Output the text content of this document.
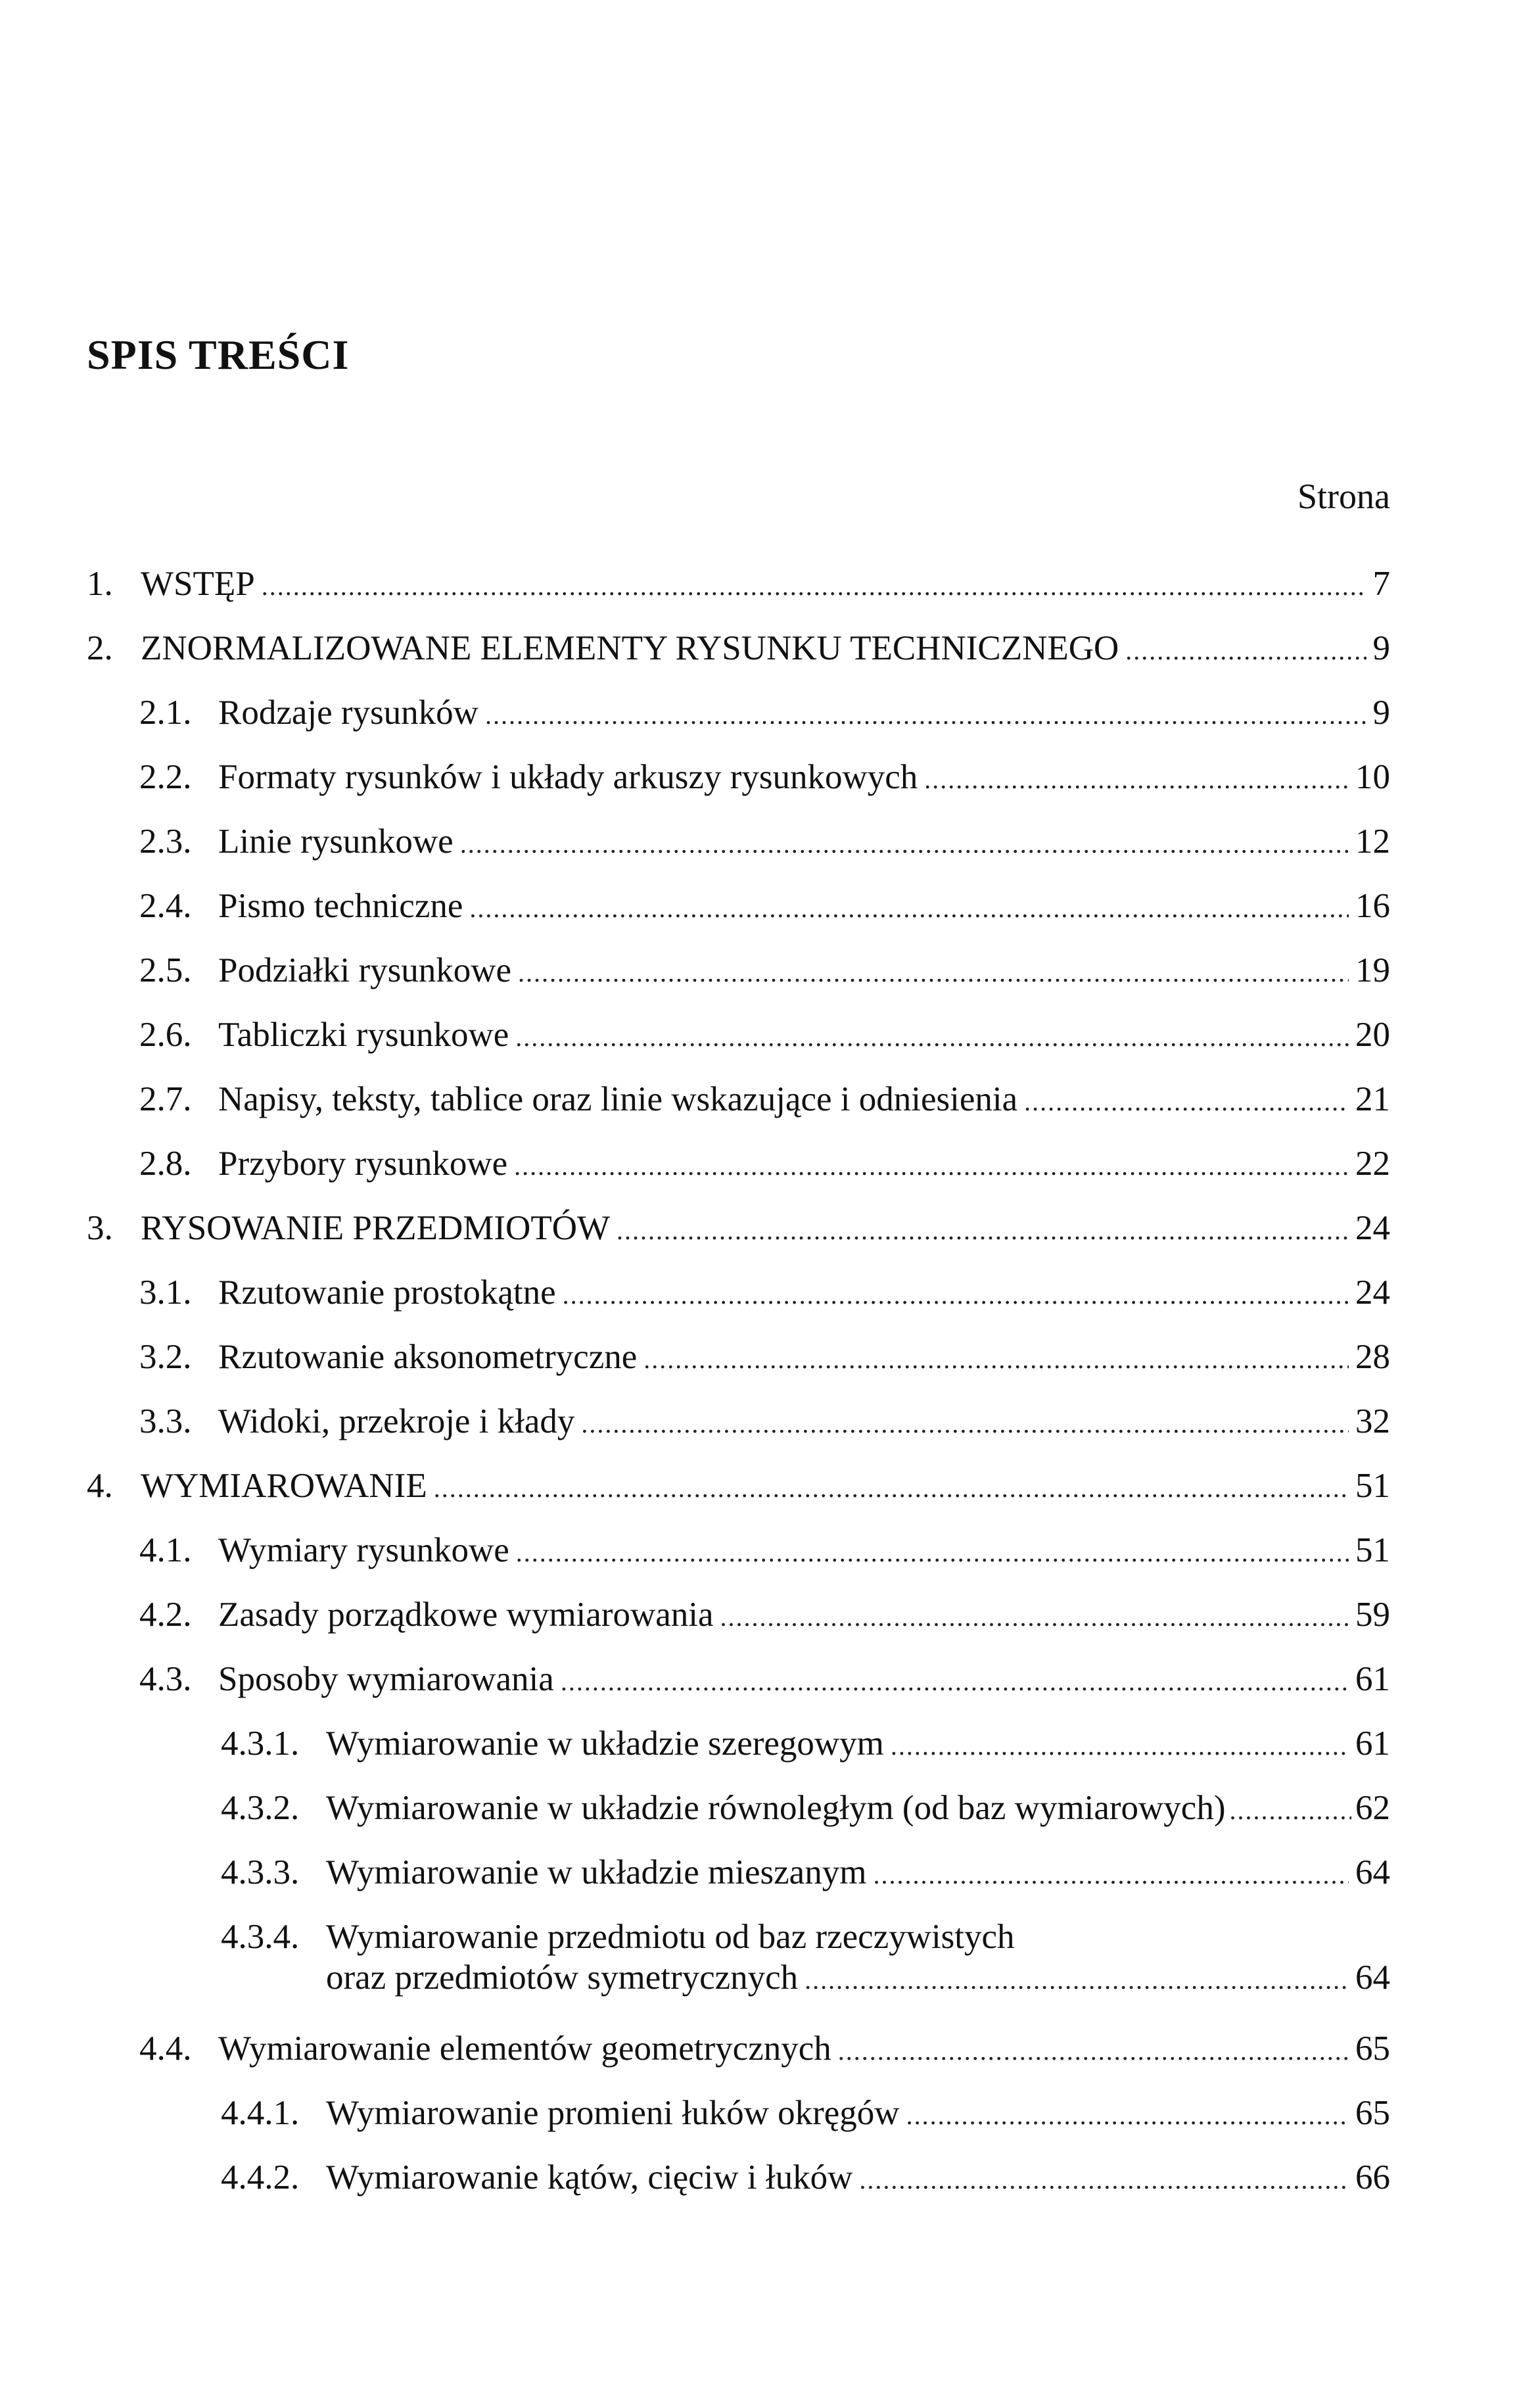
SPIS TREŚCI
Strona
1. WSTĘP .....	7
2. ZNORMALIZOWANE ELEMENTY RYSUNKU TECHNICZNEGO .....	9
2.1. Rodzaje rysunków .....	9
2.2. Formaty rysunków i układy arkuszy rysunkowych .....	10
2.3. Linie rysunkowe .....	12
2.4. Pismo techniczne .....	16
2.5. Podziałki rysunkowe .....	19
2.6. Tabliczki rysunkowe .....	20
2.7. Napisy, teksty, tablice oraz linie wskazujące i odniesienia .....	21
2.8. Przybory rysunkowe .....	22
3. RYSOWANIE PRZEDMIOTÓW .....	24
3.1. Rzutowanie prostokątne .....	24
3.2. Rzutowanie aksonometryczne .....	28
3.3. Widoki, przekroje i kłady .....	32
4. WYMIAROWANIE .....	51
4.1. Wymiary rysunkowe .....	51
4.2. Zasady porządkowe wymiarowania .....	59
4.3. Sposoby wymiarowania .....	61
4.3.1. Wymiarowanie w układzie szeregowym .....	61
4.3.2. Wymiarowanie w układzie równoległym (od baz wymiarowych) .....	62
4.3.3. Wymiarowanie w układzie mieszanym .....	64
4.3.4. Wymiarowanie przedmiotu od baz rzeczywistych
oraz przedmiotów symetrycznych .....	64
4.4. Wymiarowanie elementów geometrycznych .....	65
4.4.1. Wymiarowanie promieni łuków okręgów .....	65
4.4.2. Wymiarowanie kątów, cięciw i łuków .....	66
